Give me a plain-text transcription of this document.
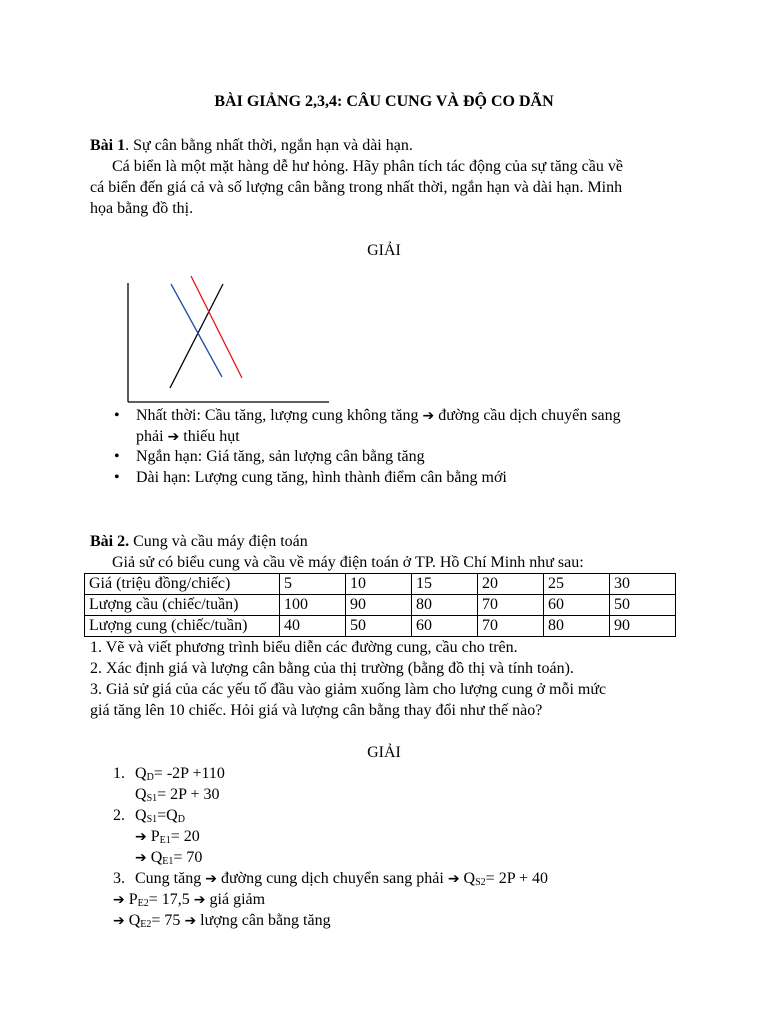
BÀI GIẢNG 2,3,4: CÂU CUNG VÀ ĐỘ CO DÃN
Bài 1. Sự cân bằng nhất thời, ngắn hạn và dài hạn.
Cá biển là một mặt hàng dễ hư hỏng. Hãy phân tích tác động của sự tăng cầu về
cá biển đến giá cả và số lượng cân bằng trong nhất thời, ngắn hạn và dài hạn. Minh
họa bằng đồ thị.
GIẢI
• Nhất thời: Cầu tăng, lượng cung không tăng ➔ đường cầu dịch chuyển sang
phải ➔ thiếu hụt
• Ngắn hạn: Giá tăng, sản lượng cân bằng tăng
• Dài hạn: Lượng cung tăng, hình thành điểm cân bằng mới
Bài 2. Cung và cầu máy điện toán
Giả sử có biểu cung và cầu về máy điện toán ở TP. Hồ Chí Minh như sau:
Giá (triệu đồng/chiếc)	5	10	15	20	25	30
Lượng cầu (chiếc/tuần)	100	90	80	70	60	50
Lượng cung (chiếc/tuần)	40	50	60	70	80	90
1. Vẽ và viết phương trình biểu diễn các đường cung, cầu cho trên.
2. Xác định giá và lượng cân bằng của thị trường (bằng đồ thị và tính toán).
3. Giả sử giá của các yếu tố đầu vào giảm xuống làm cho lượng cung ở mỗi mức
giá tăng lên 10 chiếc. Hỏi giá và lượng cân bằng thay đổi như thế nào?
GIẢI
1. $Q_D= -2P +110$
$Q_{S1}= 2P + 30$
2. $Q_{S1}=Q_D$
➔ $P_{E1}= 20$
➔ $Q_{E1}= 70$
3. Cung tăng ➔ đường cung dịch chuyển sang phải ➔ $Q_{S2}= 2P + 40$
➔ $P_{E2}= 17,5$ ➔ giá giảm
➔ $Q_{E2}= 75$ ➔ lượng cân bằng tăng
